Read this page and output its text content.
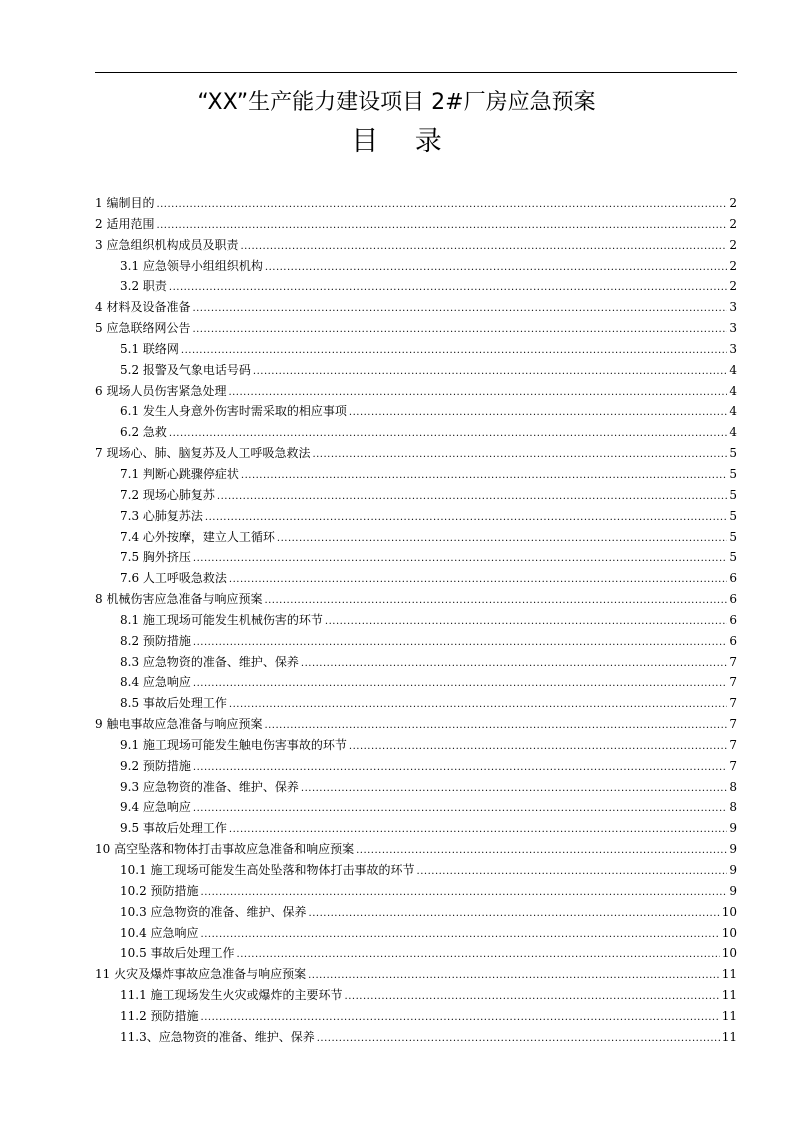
“XX”生产能力建设项目 2#厂房应急预案
目 录
1 编制目的 .....	2
2 适用范围 .....	2
3 应急组织机构成员及职责 .....	2
3.1 应急领导小组组织机构 .....	2
3.2 职责 .....	2
4 材料及设备准备 .....	3
5 应急联络网公告 .....	3
5.1 联络网 .....	3
5.2 报警及气象电话号码 .....	4
6 现场人员伤害紧急处理 .....	4
6.1 发生人身意外伤害时需采取的相应事项 .....	4
6.2 急救 .....	4
7 现场心、肺、脑复苏及人工呼吸急救法 .....	5
7.1 判断心跳骤停症状 .....	5
7.2 现场心肺复苏 .....	5
7.3 心肺复苏法 .....	5
7.4 心外按摩，建立人工循环 .....	5
7.5 胸外挤压 .....	5
7.6 人工呼吸急救法 .....	6
8 机械伤害应急准备与响应预案 .....	6
8.1 施工现场可能发生机械伤害的环节 .....	6
8.2 预防措施 .....	6
8.3 应急物资的准备、维护、保养 .....	7
8.4 应急响应 .....	7
8.5 事故后处理工作 .....	7
9 触电事故应急准备与响应预案 .....	7
9.1 施工现场可能发生触电伤害事故的环节 .....	7
9.2 预防措施 .....	7
9.3 应急物资的准备、维护、保养 .....	8
9.4 应急响应 .....	8
9.5 事故后处理工作 .....	9
10 高空坠落和物体打击事故应急准备和响应预案 .....	9
10.1 施工现场可能发生高处坠落和物体打击事故的环节 .....	9
10.2 预防措施 .....	9
10.3 应急物资的准备、维护、保养 .....	10
10.4 应急响应 .....	10
10.5 事故后处理工作 .....	10
11 火灾及爆炸事故应急准备与响应预案 .....	11
11.1 施工现场发生火灾或爆炸的主要环节 .....	11
11.2 预防措施 .....	11
11.3、应急物资的准备、维护、保养 .....	11
